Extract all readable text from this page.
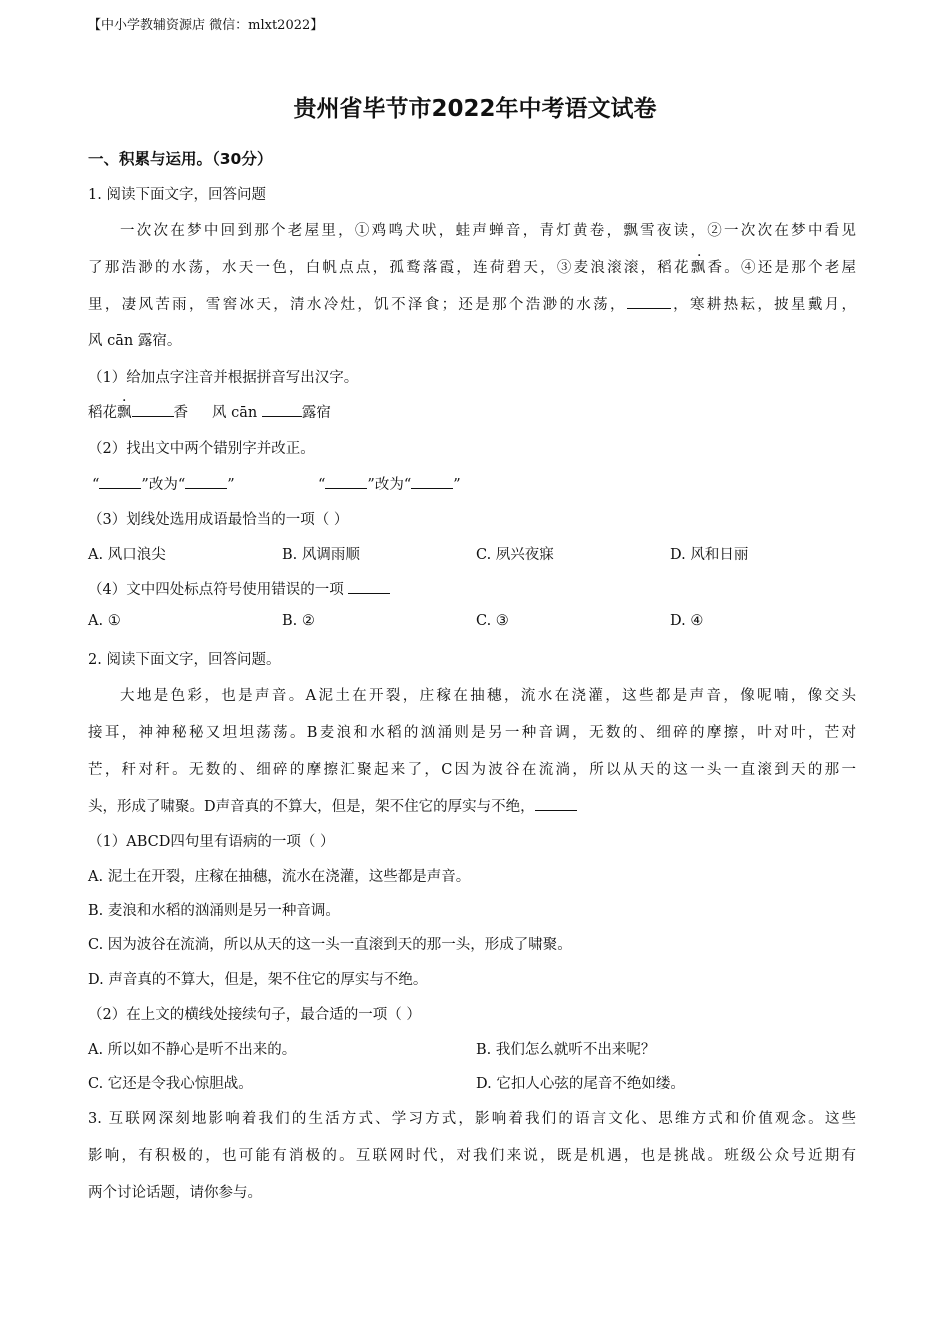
【中小学教辅资源店 微信：mlxt2022】
贵州省毕节市2022年中考语文试卷
一、积累与运用。（30分）
1. 阅读下面文字，回答问题
一次次在梦中回到那个老屋里，①鸡鸣犬吠，蛙声蝉音，青灯黄卷，飘雪夜读，②一次次在梦中看见
了那浩渺的水荡，水天一色，白帆点点，孤鹜落霞，连荷碧天，③麦浪滚滚，稻花飘香。④还是那个老屋
里，凄风苦雨，雪窖冰天，清水冷灶，饥不泽食；还是那个浩渺的水荡，	，寒耕热耘，披星戴月，
风 cān 露宿。
（1）给加点字注音并根据拼音写出汉字。
稻花飘	香 风 cān	露宿
（2）找出文中两个错别字并改正。
“	”改为“	”	“	”改为“	”
（3）划线处选用成语最恰当的一项（ ）
A. 风口浪尖	B. 风调雨顺	C. 夙兴夜寐	D. 风和日丽
（4）文中四处标点符号使用错误的一项
A. ①	B. ②	C. ③	D. ④
2. 阅读下面文字，回答问题。
大地是色彩，也是声音。A泥土在开裂，庄稼在抽穗，流水在浇灌，这些都是声音，像呢喃，像交头
接耳，神神秘秘又坦坦荡荡。B麦浪和水稻的汹涌则是另一种音调，无数的、细碎的摩擦，叶对叶，芒对
芒，秆对秆。无数的、细碎的摩擦汇聚起来了，C因为波谷在流淌，所以从天的这一头一直滚到天的那一
头，形成了啸聚。D声音真的不算大，但是，架不住它的厚实与不绝，
（1）ABCD四句里有语病的一项（ ）
A. 泥土在开裂，庄稼在抽穗，流水在浇灌，这些都是声音。
B. 麦浪和水稻的汹涌则是另一种音调。
C. 因为波谷在流淌，所以从天的这一头一直滚到天的那一头，形成了啸聚。
D. 声音真的不算大，但是，架不住它的厚实与不绝。
（2）在上文的横线处接续句子，最合适的一项（ ）
A. 所以如不静心是听不出来的。	B. 我们怎么就听不出来呢？
C. 它还是令我心惊胆战。	D. 它扣人心弦的尾音不绝如缕。
3. 互联网深刻地影响着我们的生活方式、学习方式，影响着我们的语言文化、思维方式和价值观念。这些
影响，有积极的，也可能有消极的。互联网时代，对我们来说，既是机遇，也是挑战。班级公众号近期有
两个讨论话题，请你参与。
